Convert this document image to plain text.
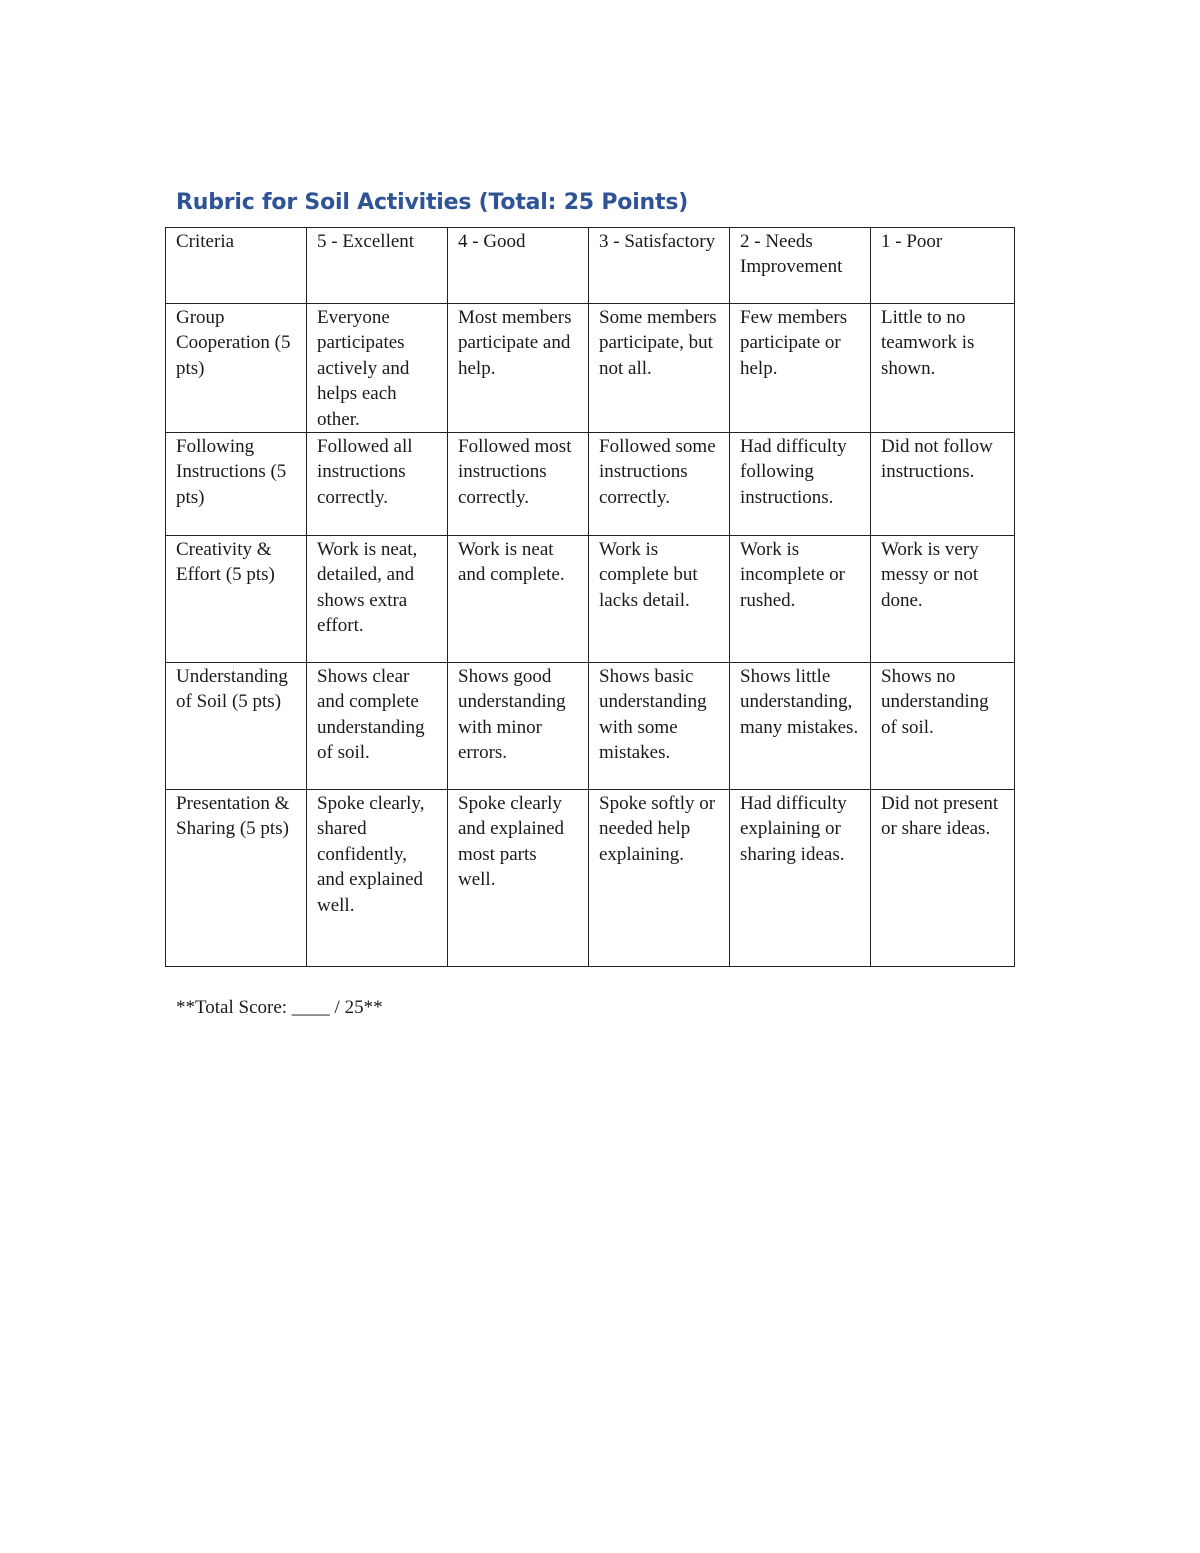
Rubric for Soil Activities (Total: 25 Points)
Criteria	5 - Excellent	4 - Good	3 - Satisfactory	2 - Needs Improvement	1 - Poor
Group Cooperation (5 pts)	Everyone participates actively and helps each other.	Most members participate and help.	Some members participate, but not all.	Few members participate or help.	Little to no teamwork is shown.
Following Instructions (5 pts)	Followed all instructions correctly.	Followed most instructions correctly.	Followed some instructions correctly.	Had difficulty following instructions.	Did not follow instructions.
Creativity & Effort (5 pts)	Work is neat, detailed, and shows extra effort.	Work is neat and complete.	Work is complete but lacks detail.	Work is incomplete or rushed.	Work is very messy or not done.
Understanding of Soil (5 pts)	Shows clear and complete understanding of soil.	Shows good understanding with minor errors.	Shows basic understanding with some mistakes.	Shows little understanding, many mistakes.	Shows no understanding of soil.
Presentation & Sharing (5 pts)	Spoke clearly, shared confidently, and explained well.	Spoke clearly and explained most parts well.	Spoke softly or needed help explaining.	Had difficulty explaining or sharing ideas.	Did not present or share ideas.
**Total Score: ____ / 25**
